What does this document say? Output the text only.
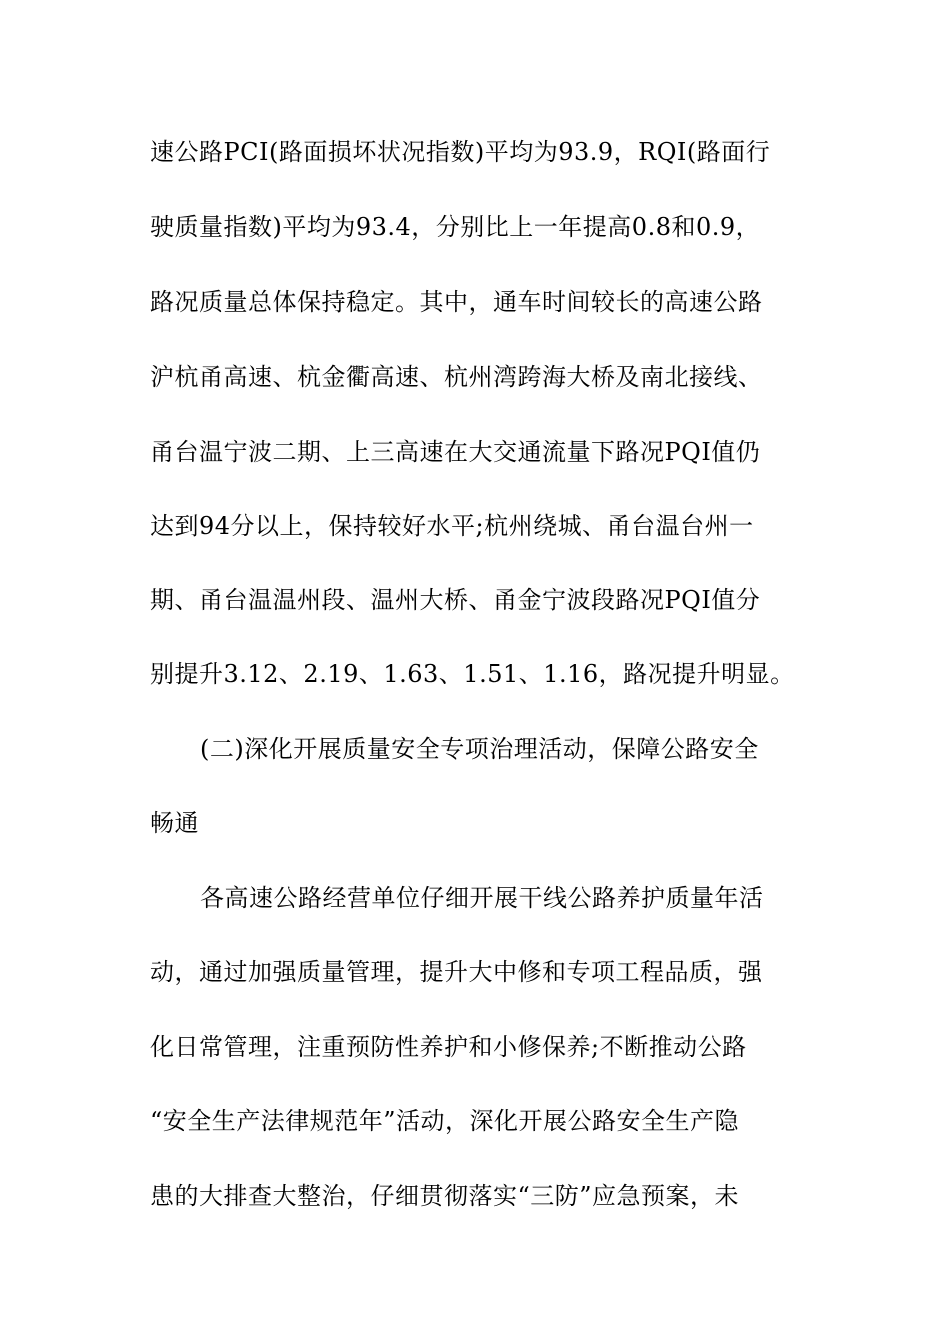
速公路PCI(路面损坏状况指数)平均为93.9，RQI(路面行
驶质量指数)平均为93.4，分别比上一年提高0.8和0.9，
路况质量总体保持稳定。其中，通车时间较长的高速公路
沪杭甬高速、杭金衢高速、杭州湾跨海大桥及南北接线、
甬台温宁波二期、上三高速在大交通流量下路况PQI值仍
达到94分以上，保持较好水平;杭州绕城、甬台温台州一
期、甬台温温州段、温州大桥、甬金宁波段路况PQI值分
别提升3.12、2.19、1.63、1.51、1.16，路况提升明显。
(二)深化开展质量安全专项治理活动，保障公路安全
畅通
各高速公路经营单位仔细开展干线公路养护质量年活
动，通过加强质量管理，提升大中修和专项工程品质，强
化日常管理，注重预防性养护和小修保养;不断推动公路
“安全生产法律规范年”活动，深化开展公路安全生产隐
患的大排查大整治，仔细贯彻落实“三防”应急预案，未
